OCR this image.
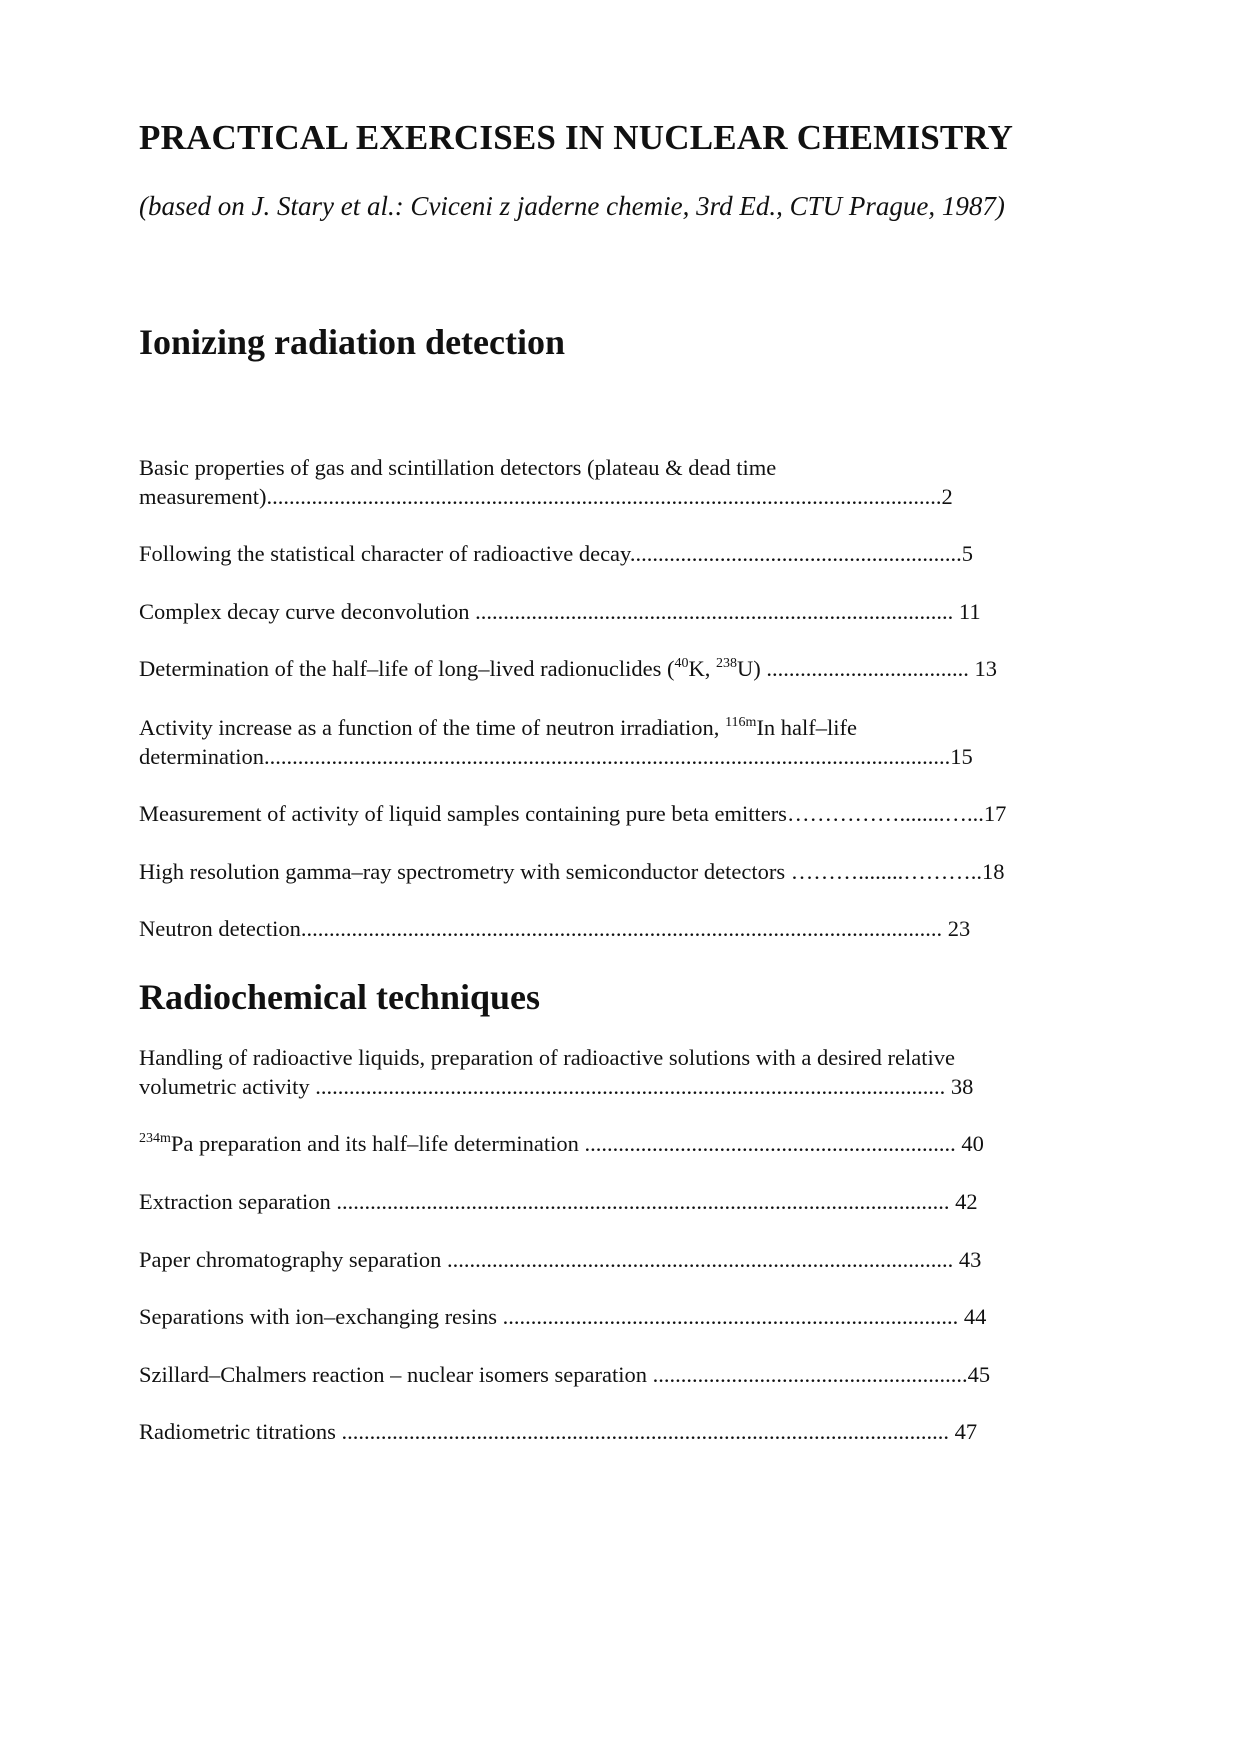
PRACTICAL EXERCISES IN NUCLEAR CHEMISTRY

(based on J. Stary et al.: Cviceni z jaderne chemie, 3rd Ed., CTU Prague, 1987)

Ionizing radiation detection
Basic properties of gas and scintillation detectors (plateau & dead time
measurement)........................................................................................................................2
Following the statistical character of radioactive decay...........................................................5
Complex decay curve deconvolution ..................................................................................... 11
Determination of the half–life of long–lived radionuclides ($^{40}$K, $^{238}$U) .................................... 13
Activity increase as a function of the time of neutron irradiation, $^{116m}$In half–life
determination..........................................................................................................................15
Measurement of activity of liquid samples containing pure beta emitters……………........…...17
High resolution gamma–ray spectrometry with semiconductor detectors ………........………..18
Neutron detection.................................................................................................................. 23
Radiochemical techniques
Handling of radioactive liquids, preparation of radioactive solutions with a desired relative
volumetric activity ................................................................................................................ 38
$^{234m}$Pa preparation and its half–life determination .................................................................. 40
Extraction separation ............................................................................................................. 42
Paper chromatography separation .......................................................................................... 43
Separations with ion–exchanging resins ................................................................................. 44
Szillard–Chalmers reaction – nuclear isomers separation ........................................................45
Radiometric titrations ............................................................................................................ 47
